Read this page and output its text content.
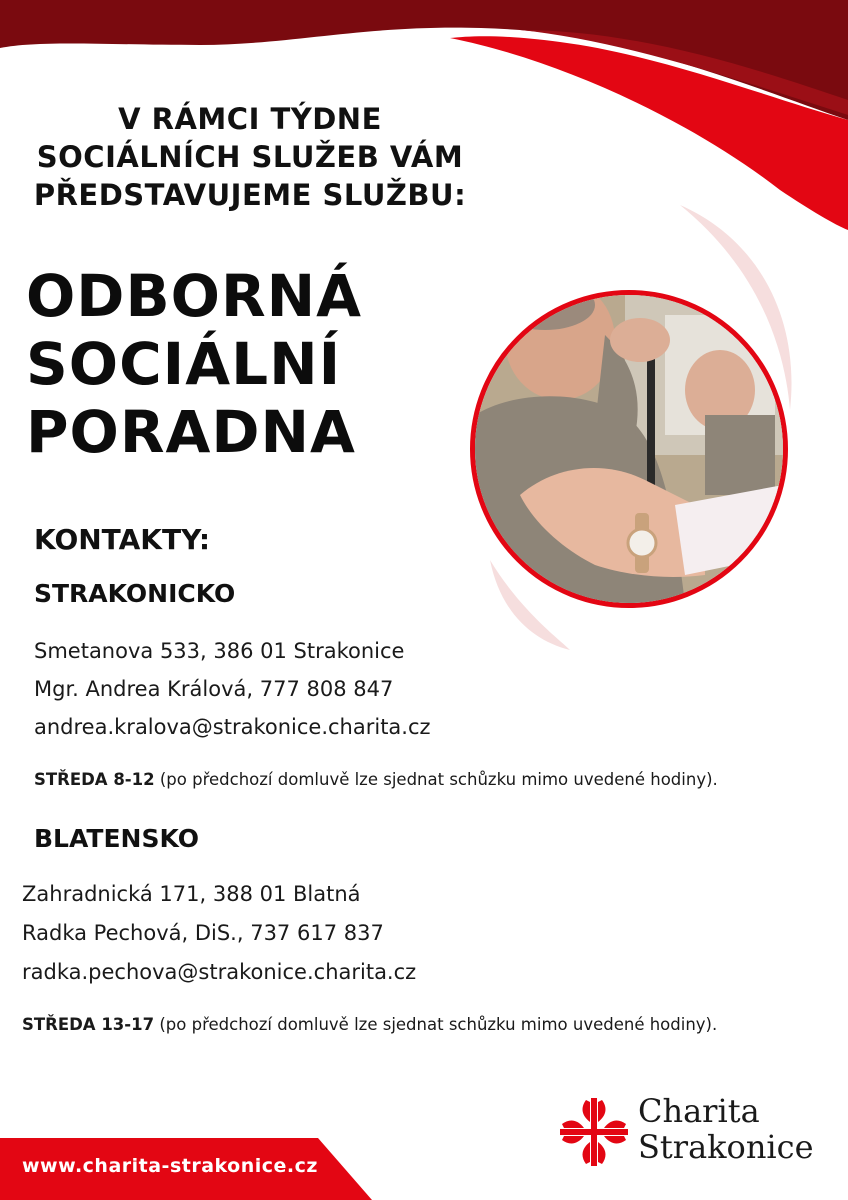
V RÁMCI TÝDNE
SOCIÁLNÍCH SLUŽEB VÁM
PŘEDSTAVUJEME SLUŽBU:
ODBORNÁ
SOCIÁLNÍ
PORADNA
KONTAKTY:
STRAKONICKO
Smetanova 533, 386 01 Strakonice
Mgr. Andrea Králová, 777 808 847
andrea.kralova@strakonice.charita.cz
STŘEDA 8-12 (po předchozí domluvě lze sjednat schůzku mimo uvedené hodiny).
BLATENSKO
Zahradnická 171, 388 01 Blatná
Radka Pechová, DiS., 737 617 837
radka.pechova@strakonice.charita.cz
STŘEDA 13-17 (po předchozí domluvě lze sjednat schůzku mimo uvedené hodiny).
www.charita-strakonice.cz
Charita
Strakonice
